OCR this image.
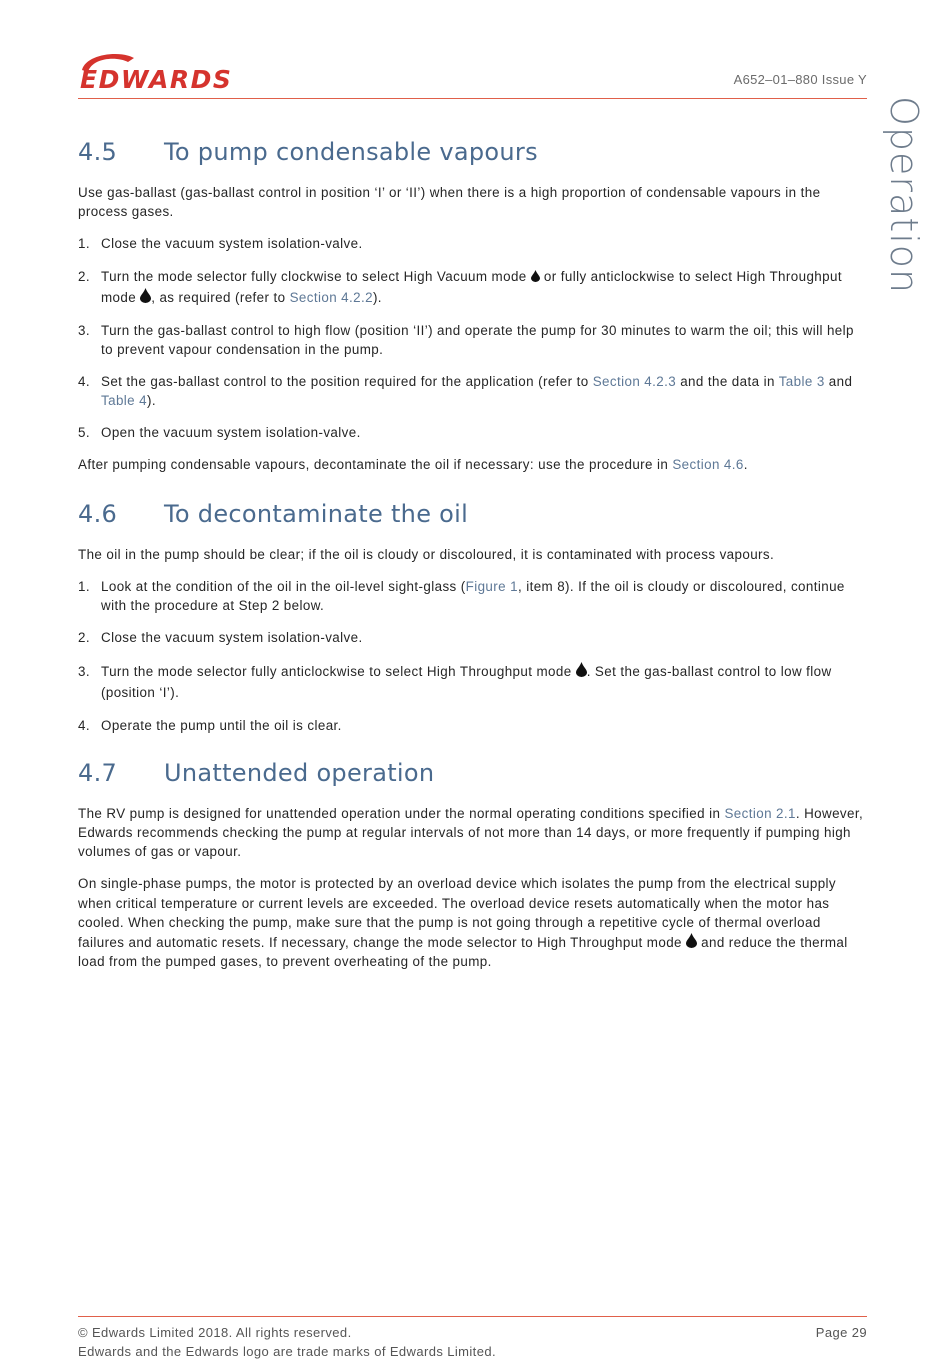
EDWARDS	A652–01–880 Issue Y
Operation
4.5	To pump condensable vapours

Use gas-ballast (gas-ballast control in position ‘I’ or ‘II’) when there is a high proportion of condensable vapours in the process gases.

1. Close the vacuum system isolation-valve.
2. Turn the mode selector fully clockwise to select High Vacuum mode  or fully anticlockwise to select High Throughput mode , as required (refer to Section 4.2.2).
3. Turn the gas-ballast control to high flow (position ‘II’) and operate the pump for 30 minutes to warm the oil; this will help to prevent vapour condensation in the pump.
4. Set the gas-ballast control to the position required for the application (refer to Section 4.2.3 and the data in Table 3 and Table 4).
5. Open the vacuum system isolation-valve.

After pumping condensable vapours, decontaminate the oil if necessary: use the procedure in Section 4.6.

4.6	To decontaminate the oil

The oil in the pump should be clear; if the oil is cloudy or discoloured, it is contaminated with process vapours.

1. Look at the condition of the oil in the oil-level sight-glass (Figure 1, item 8). If the oil is cloudy or discoloured, continue with the procedure at Step 2 below.
2. Close the vacuum system isolation-valve.
3. Turn the mode selector fully anticlockwise to select High Throughput mode . Set the gas-ballast control to low flow (position ‘I’).
4. Operate the pump until the oil is clear.
4.7	Unattended operation

The RV pump is designed for unattended operation under the normal operating conditions specified in Section 2.1. However, Edwards recommends checking the pump at regular intervals of not more than 14 days, or more frequently if pumping high volumes of gas or vapour.

On single-phase pumps, the motor is protected by an overload device which isolates the pump from the electrical supply when critical temperature or current levels are exceeded. The overload device resets automatically when the motor has cooled. When checking the pump, make sure that the pump is not going through a repetitive cycle of thermal overload failures and automatic resets. If necessary, change the mode selector to High Throughput mode  and reduce the thermal load from the pumped gases, to prevent overheating of the pump.

© Edwards Limited 2018. All rights reserved.
Edwards and the Edwards logo are trade marks of Edwards Limited.
Page 29
